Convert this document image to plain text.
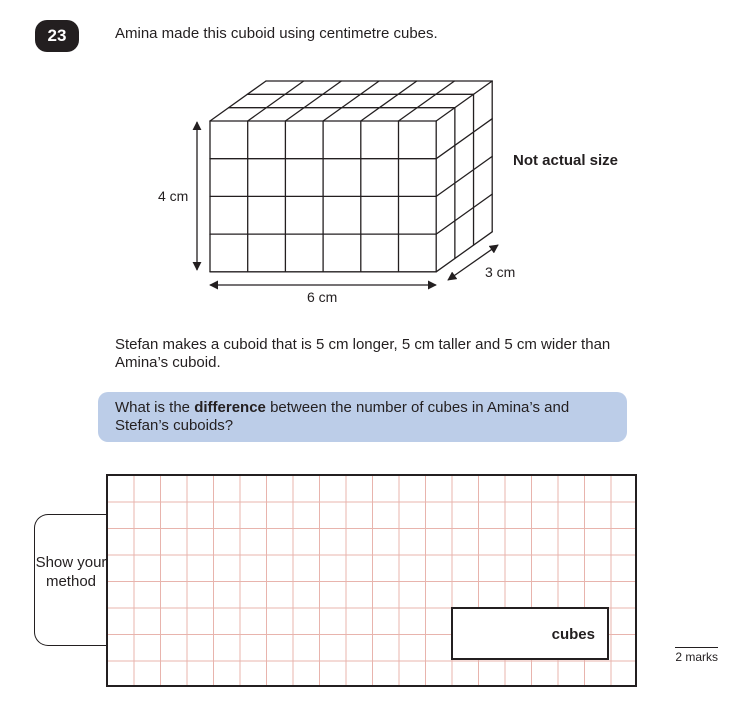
23	Amina made this cuboid using centimetre cubes.
Not actual size
4 cm
6 cm
3 cm
Stefan makes a cuboid that is 5 cm longer, 5 cm taller and 5 cm wider than Amina’s cuboid.
What is the difference between the number of cubes in Amina’s and Stefan’s cuboids?
Show your method
cubes
2 marks
